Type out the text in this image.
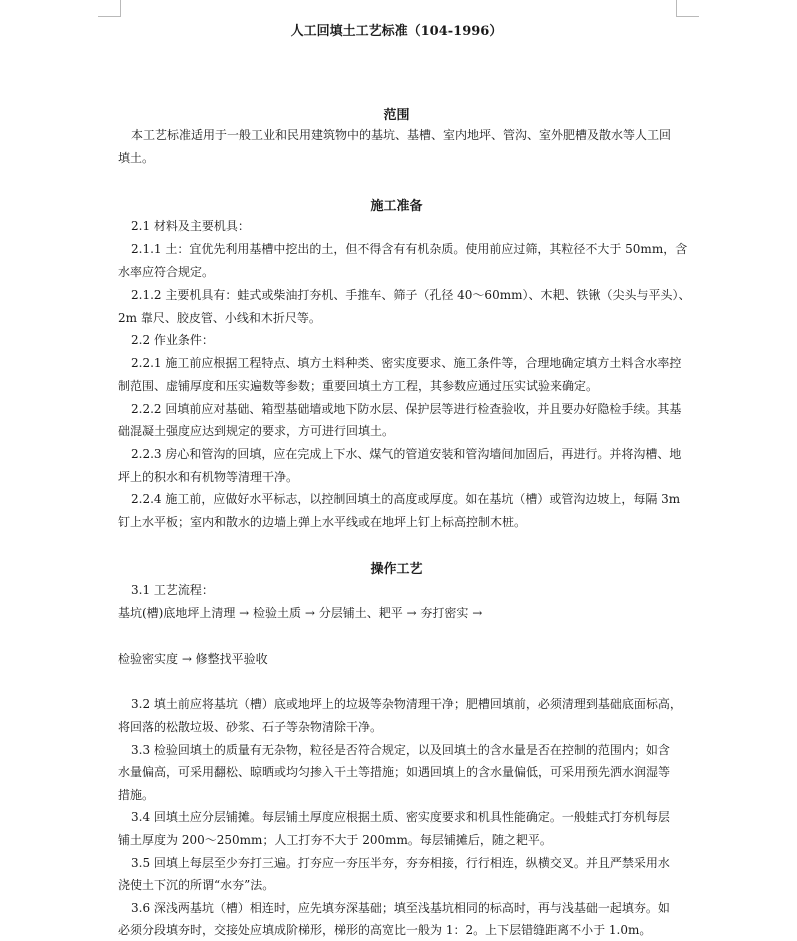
人工回填土工艺标准（104-1996）
范围
本工艺标准适用于一般工业和民用建筑物中的基坑、基槽、室内地坪、管沟、室外肥槽及散水等人工回
填土。
施工准备
2.1 材料及主要机具：
2.1.1 土：宜优先利用基槽中挖出的土，但不得含有有机杂质。使用前应过筛，其粒径不大于 50mm，含
水率应符合规定。
2.1.2 主要机具有：蛙式或柴油打夯机、手推车、筛子（孔径 40～60mm）、木耙、铁锹（尖头与平头）、
2m 靠尺、胶皮管、小线和木折尺等。
2.2 作业条件：
2.2.1 施工前应根据工程特点、填方土料种类、密实度要求、施工条件等，合理地确定填方土料含水率控
制范围、虚铺厚度和压实遍数等参数；重要回填土方工程，其参数应通过压实试验来确定。
2.2.2 回填前应对基础、箱型基础墙或地下防水层、保护层等进行检查验收，并且要办好隐检手续。其基
础混凝土强度应达到规定的要求，方可进行回填土。
2.2.3 房心和管沟的回填，应在完成上下水、煤气的管道安装和管沟墙间加固后，再进行。并将沟槽、地
坪上的积水和有机物等清理干净。
2.2.4 施工前，应做好水平标志，以控制回填土的高度或厚度。如在基坑（槽）或管沟边坡上，每隔 3m
钉上水平板；室内和散水的边墙上弹上水平线或在地坪上钉上标高控制木桩。
操作工艺
3.1 工艺流程：
基坑(槽)底地坪上清理 → 检验土质 → 分层铺土、耙平 → 夯打密实 →
检验密实度 → 修整找平验收
3.2 填土前应将基坑（槽）底或地坪上的垃圾等杂物清理干净；肥槽回填前，必须清理到基础底面标高，
将回落的松散垃圾、砂浆、石子等杂物清除干净。
3.3 检验回填土的质量有无杂物，粒径是否符合规定，以及回填土的含水量是否在控制的范围内；如含
水量偏高，可采用翻松、晾晒或均匀掺入干土等措施；如遇回填上的含水量偏低，可采用预先洒水润湿等
措施。
3.4 回填土应分层铺摊。每层铺土厚度应根据土质、密实度要求和机具性能确定。一般蛙式打夯机每层
铺土厚度为 200～250mm；人工打夯不大于 200mm。每层铺摊后，随之耙平。
3.5 回填上每层至少夯打三遍。打夯应一夯压半夯，夯夯相接，行行相连，纵横交叉。并且严禁采用水
浇使土下沉的所谓“水夯”法。
3.6 深浅两基坑（槽）相连时，应先填夯深基础；填至浅基坑相同的标高时，再与浅基础一起填夯。如
必须分段填夯时，交接处应填成阶梯形，梯形的高宽比一般为 1：2。上下层错缝距离不小于 1.0m。
